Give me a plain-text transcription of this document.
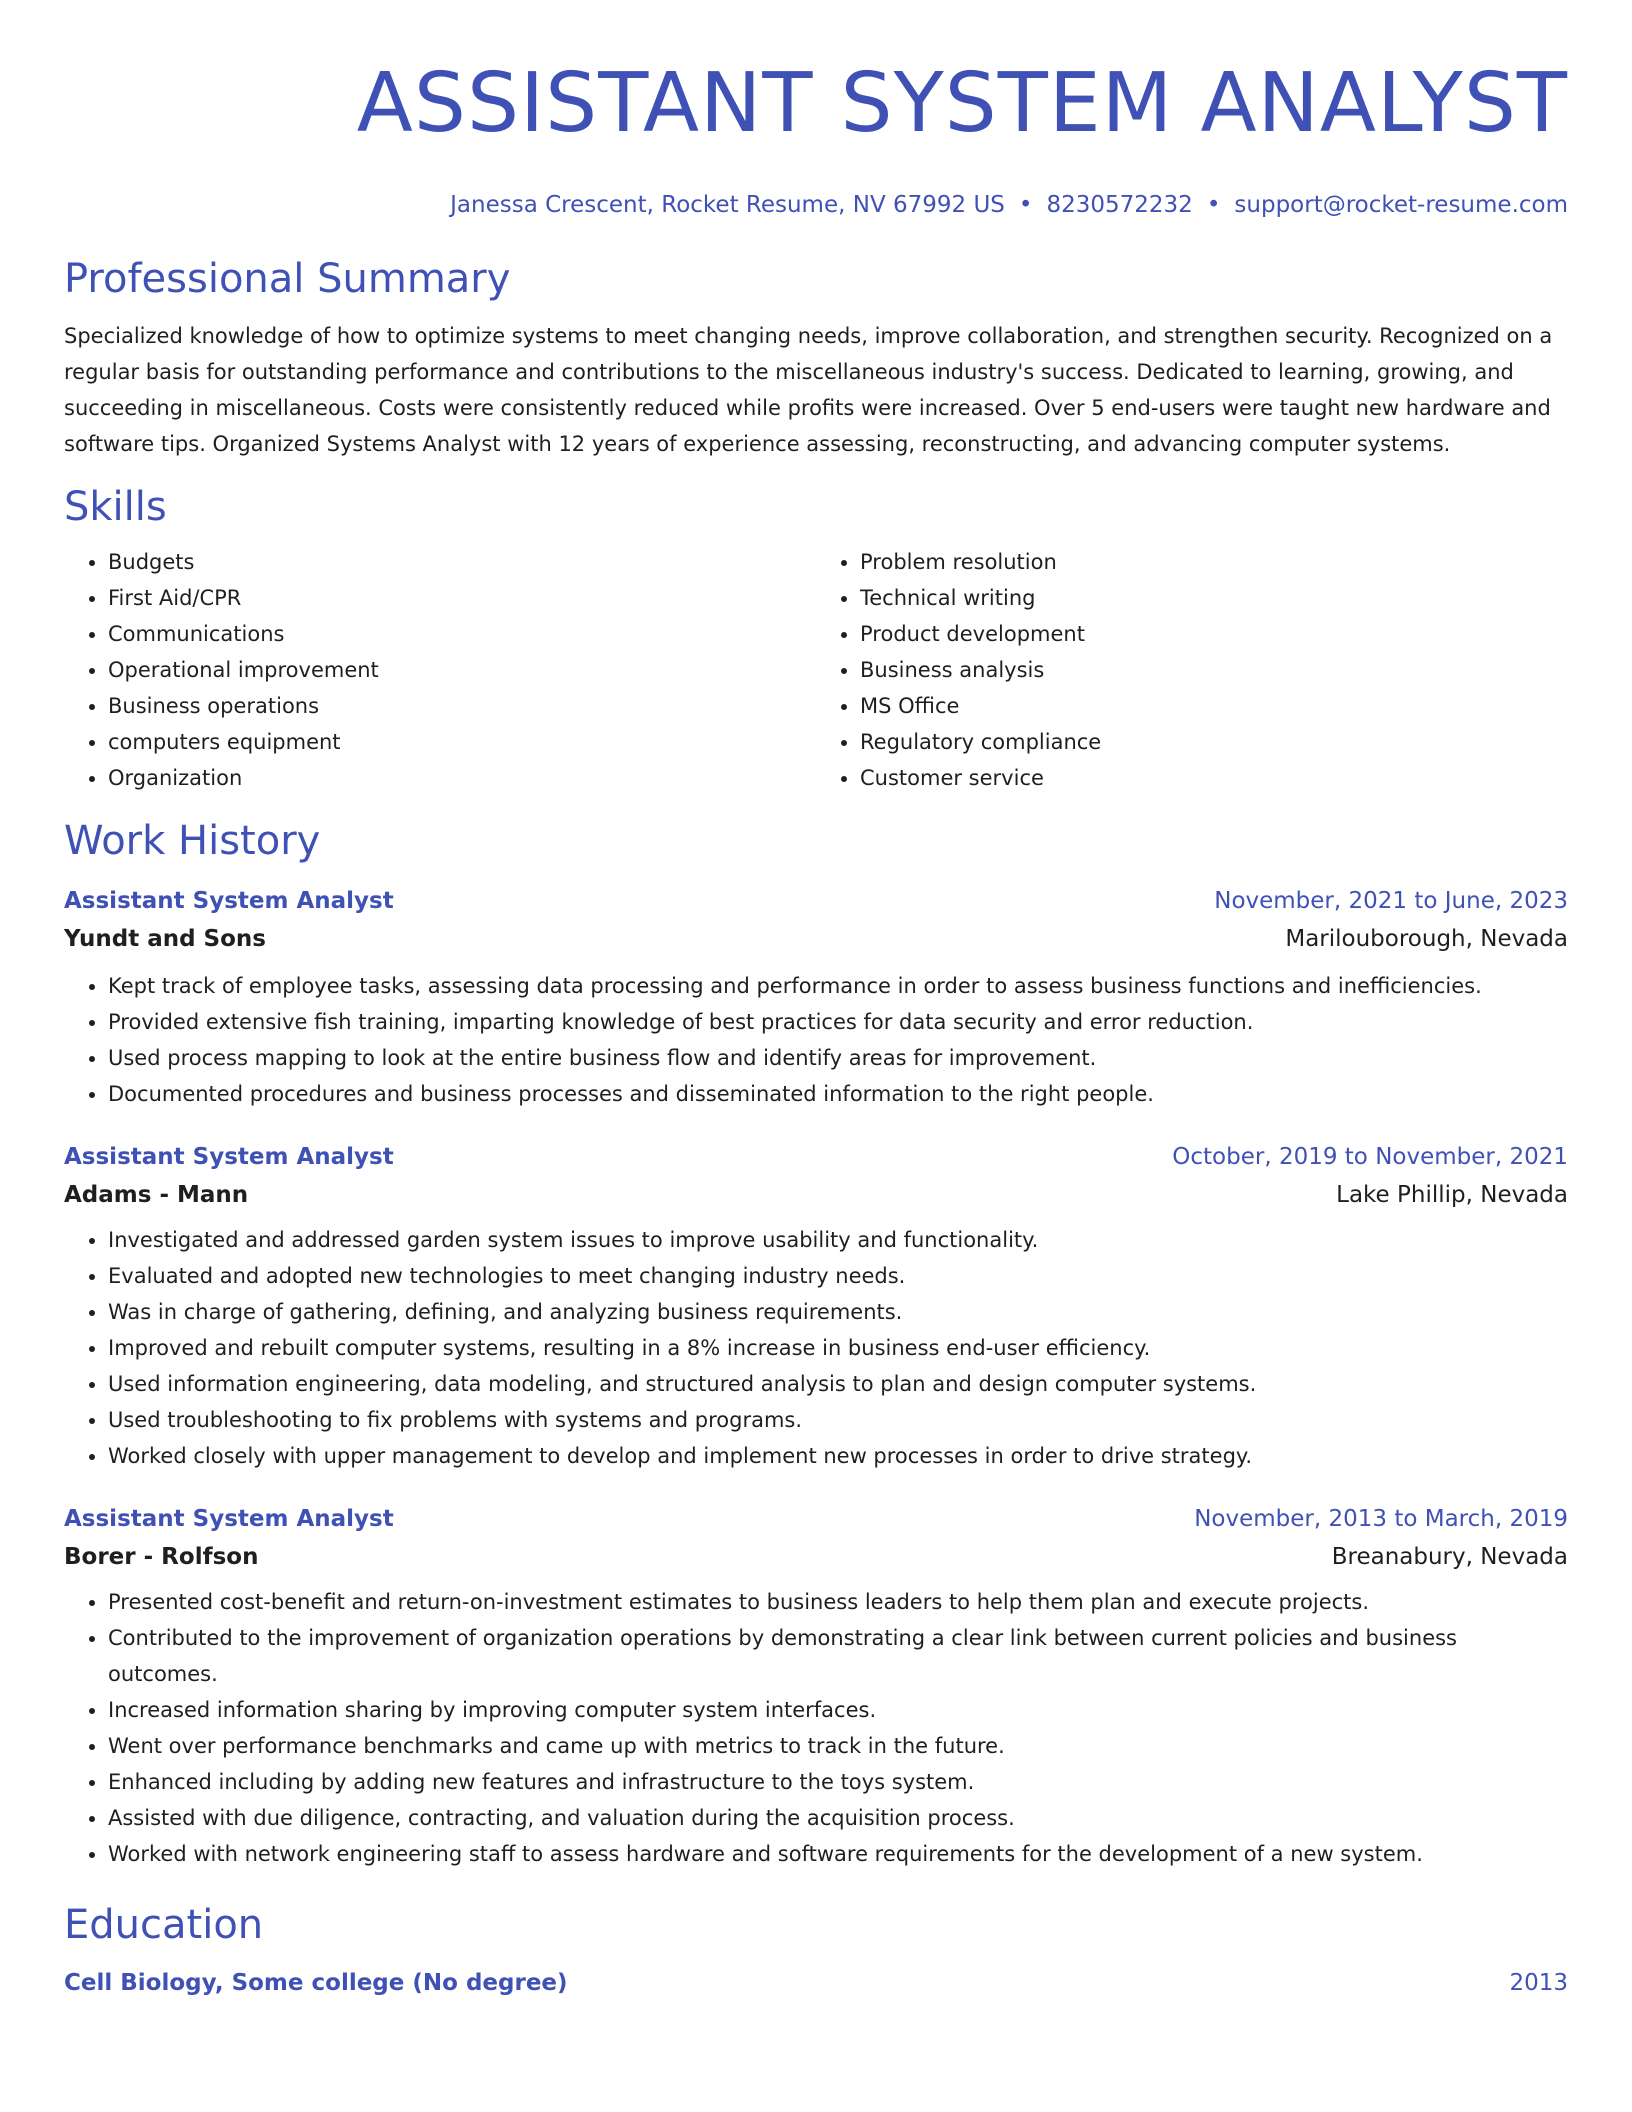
ASSISTANT SYSTEM ANALYST
Janessa Crescent, Rocket Resume, NV 67992 US • 8230572232 • support@rocket-resume.com
Professional Summary

Specialized knowledge of how to optimize systems to meet changing needs, improve collaboration, and strengthen security. Recognized on a regular basis for outstanding performance and contributions to the miscellaneous industry's success. Dedicated to learning, growing, and succeeding in miscellaneous. Costs were consistently reduced while profits were increased. Over 5 end-users were taught new hardware and software tips. Organized Systems Analyst with 12 years of experience assessing, reconstructing, and advancing computer systems.

Skills
• Budgets
• First Aid/CPR
• Communications
• Operational improvement
• Business operations
• computers equipment
• Organization
• Problem resolution
• Technical writing
• Product development
• Business analysis
• MS Office
• Regulatory compliance
• Customer service
Work History
Assistant System Analyst	November, 2021 to June, 2023
Yundt and Sons	Marilouborough, Nevada
• Kept track of employee tasks, assessing data processing and performance in order to assess business functions and inefficiencies.
• Provided extensive fish training, imparting knowledge of best practices for data security and error reduction.
• Used process mapping to look at the entire business flow and identify areas for improvement.
• Documented procedures and business processes and disseminated information to the right people.
Assistant System Analyst	October, 2019 to November, 2021
Adams - Mann	Lake Phillip, Nevada
• Investigated and addressed garden system issues to improve usability and functionality.
• Evaluated and adopted new technologies to meet changing industry needs.
• Was in charge of gathering, defining, and analyzing business requirements.
• Improved and rebuilt computer systems, resulting in a 8% increase in business end-user efficiency.
• Used information engineering, data modeling, and structured analysis to plan and design computer systems.
• Used troubleshooting to fix problems with systems and programs.
• Worked closely with upper management to develop and implement new processes in order to drive strategy.
Assistant System Analyst	November, 2013 to March, 2019
Borer - Rolfson	Breanabury, Nevada
• Presented cost-benefit and return-on-investment estimates to business leaders to help them plan and execute projects.
• Contributed to the improvement of organization operations by demonstrating a clear link between current policies and business outcomes.
• Increased information sharing by improving computer system interfaces.
• Went over performance benchmarks and came up with metrics to track in the future.
• Enhanced including by adding new features and infrastructure to the toys system.
• Assisted with due diligence, contracting, and valuation during the acquisition process.
• Worked with network engineering staff to assess hardware and software requirements for the development of a new system.
Education
Cell Biology, Some college (No degree)	2013
